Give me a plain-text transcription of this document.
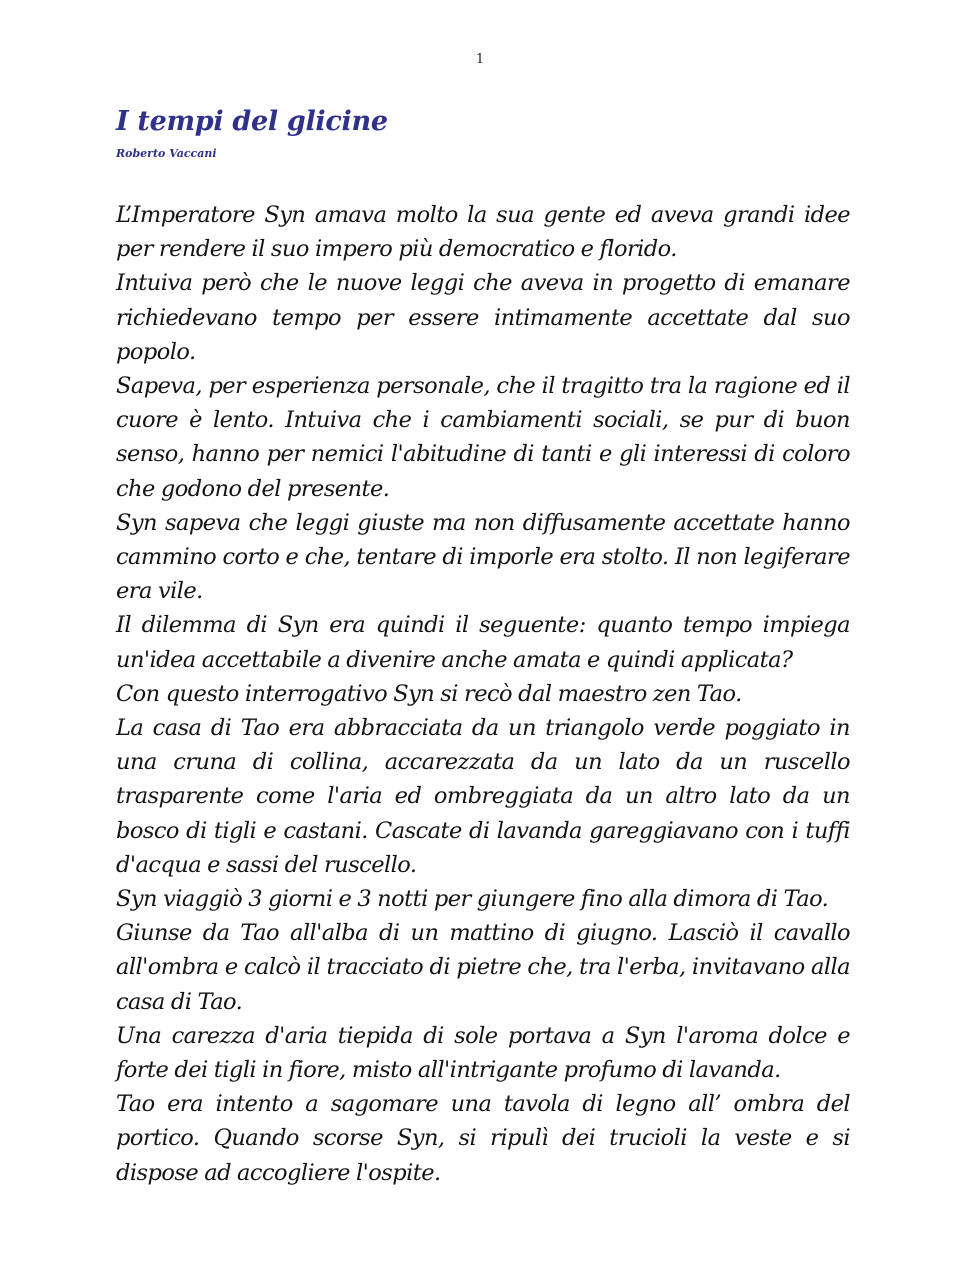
1
I tempi del glicine
Roberto Vaccani

L’Imperatore Syn amava molto la sua gente ed aveva grandi idee per rendere il suo impero più democratico e florido.

Intuiva però che le nuove leggi che aveva in progetto di emanare richiedevano tempo per essere intimamente accettate dal suo popolo.

Sapeva, per esperienza personale, che il tragitto tra la ragione ed il cuore è lento. Intuiva che i cambiamenti sociali, se pur di buon senso, hanno per nemici l'abitudine di tanti e gli interessi di coloro che godono del presente.

Syn sapeva che leggi giuste ma non diffusamente accettate hanno cammino corto e che, tentare di imporle era stolto. Il non legiferare era vile.

Il dilemma di Syn era quindi il seguente: quanto tempo impiega un'idea accettabile a divenire anche amata e quindi applicata?

Con questo interrogativo Syn si recò dal maestro zen Tao.

La casa di Tao era abbracciata da un triangolo verde poggiato in una cruna di collina, accarezzata da un lato da un ruscello trasparente come l'aria ed ombreggiata da un altro lato da un bosco di tigli e castani. Cascate di lavanda gareggiavano con i tuffi d'acqua e sassi del ruscello.

Syn viaggiò 3 giorni e 3 notti per giungere fino alla dimora di Tao.

Giunse da Tao all'alba di un mattino di giugno. Lasciò il cavallo all'ombra e calcò il tracciato di pietre che, tra l'erba, invitavano alla casa di Tao.

Una carezza d'aria tiepida di sole portava a Syn l'aroma dolce e forte dei tigli in fiore, misto all'intrigante profumo di lavanda.

Tao era intento a sagomare una tavola di legno all’ ombra del portico. Quando scorse Syn, si ripulì dei trucioli la veste e si dispose ad accogliere l'ospite.
